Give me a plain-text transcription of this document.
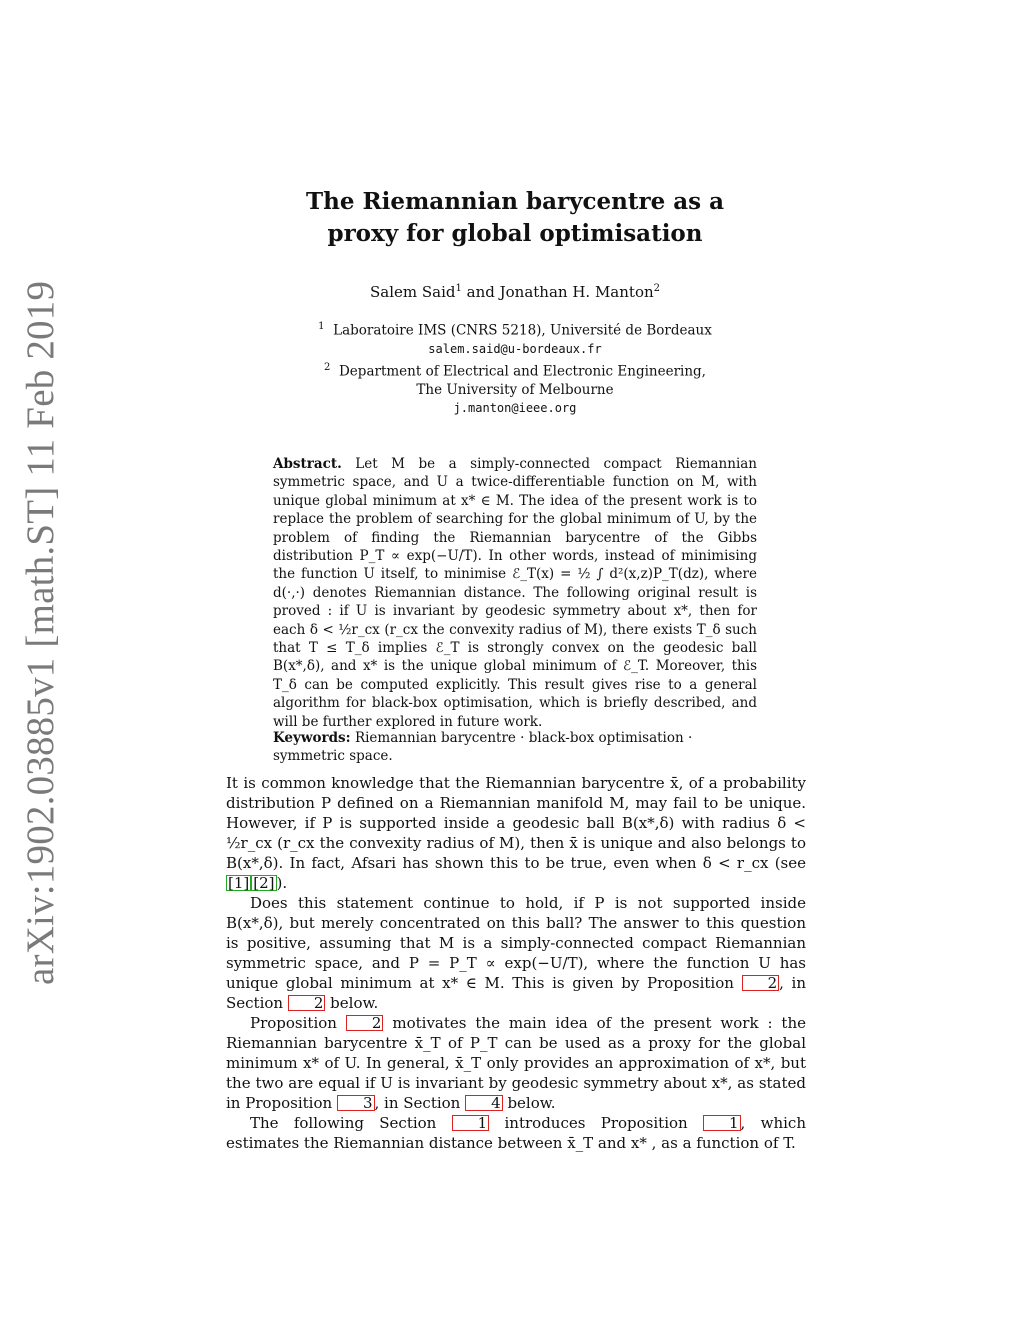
arXiv:1902.03885v1 [math.ST] 11 Feb 2019
The Riemannian barycentre as a
proxy for global optimisation
Salem Said$^1$ and Jonathan H. Manton$^2$
$^1$ Laboratoire IMS (CNRS 5218), Université de Bordeaux
salem.said@u-bordeaux.fr
$^2$ Department of Electrical and Electronic Engineering,
The University of Melbourne
j.manton@ieee.org
Abstract. Let M be a simply-connected compact Riemannian symmetric space, and U a twice-differentiable function on M, with unique global minimum at x* ∈ M. The idea of the present work is to replace the problem of searching for the global minimum of U, by the problem of finding the Riemannian barycentre of the Gibbs distribution P_T ∝ exp(−U/T). In other words, instead of minimising the function U itself, to minimise ℰ_T(x) = ½ ∫ d²(x,z)P_T(dz), where d(·,·) denotes Riemannian distance. The following original result is proved : if U is invariant by geodesic symmetry about x*, then for each δ < ½r_cx (r_cx the convexity radius of M), there exists T_δ such that T ≤ T_δ implies ℰ_T is strongly convex on the geodesic ball B(x*,δ), and x* is the unique global minimum of ℰ_T. Moreover, this T_δ can be computed explicitly. This result gives rise to a general algorithm for black-box optimisation, which is briefly described, and will be further explored in future work.
Keywords: Riemannian barycentre · black-box optimisation · symmetric space.

It is common knowledge that the Riemannian barycentre x̄, of a probability distribution P defined on a Riemannian manifold M, may fail to be unique. However, if P is supported inside a geodesic ball B(x*,δ) with radius δ < ½r_cx (r_cx the convexity radius of M), then x̄ is unique and also belongs to B(x*,δ). In fact, Afsari has shown this to be true, even when δ < r_cx (see [1] [2] ).

Does this statement continue to hold, if P is not supported inside B(x*,δ), but merely concentrated on this ball? The answer to this question is positive, assuming that M is a simply-connected compact Riemannian symmetric space, and P = P_T ∝ exp(−U/T), where the function U has unique global minimum at x* ∈ M. This is given by Proposition 2 , in Section 2 below.

Proposition 2 motivates the main idea of the present work : the Riemannian barycentre x̄_T of P_T can be used as a proxy for the global minimum x* of U. In general, x̄_T only provides an approximation of x*, but the two are equal if U is invariant by geodesic symmetry about x*, as stated in Proposition 3 , in Section 4 below.

The following Section	1 introduces Proposition	1 , which estimates the Riemannian distance between x̄_T and x* , as a function of T.
